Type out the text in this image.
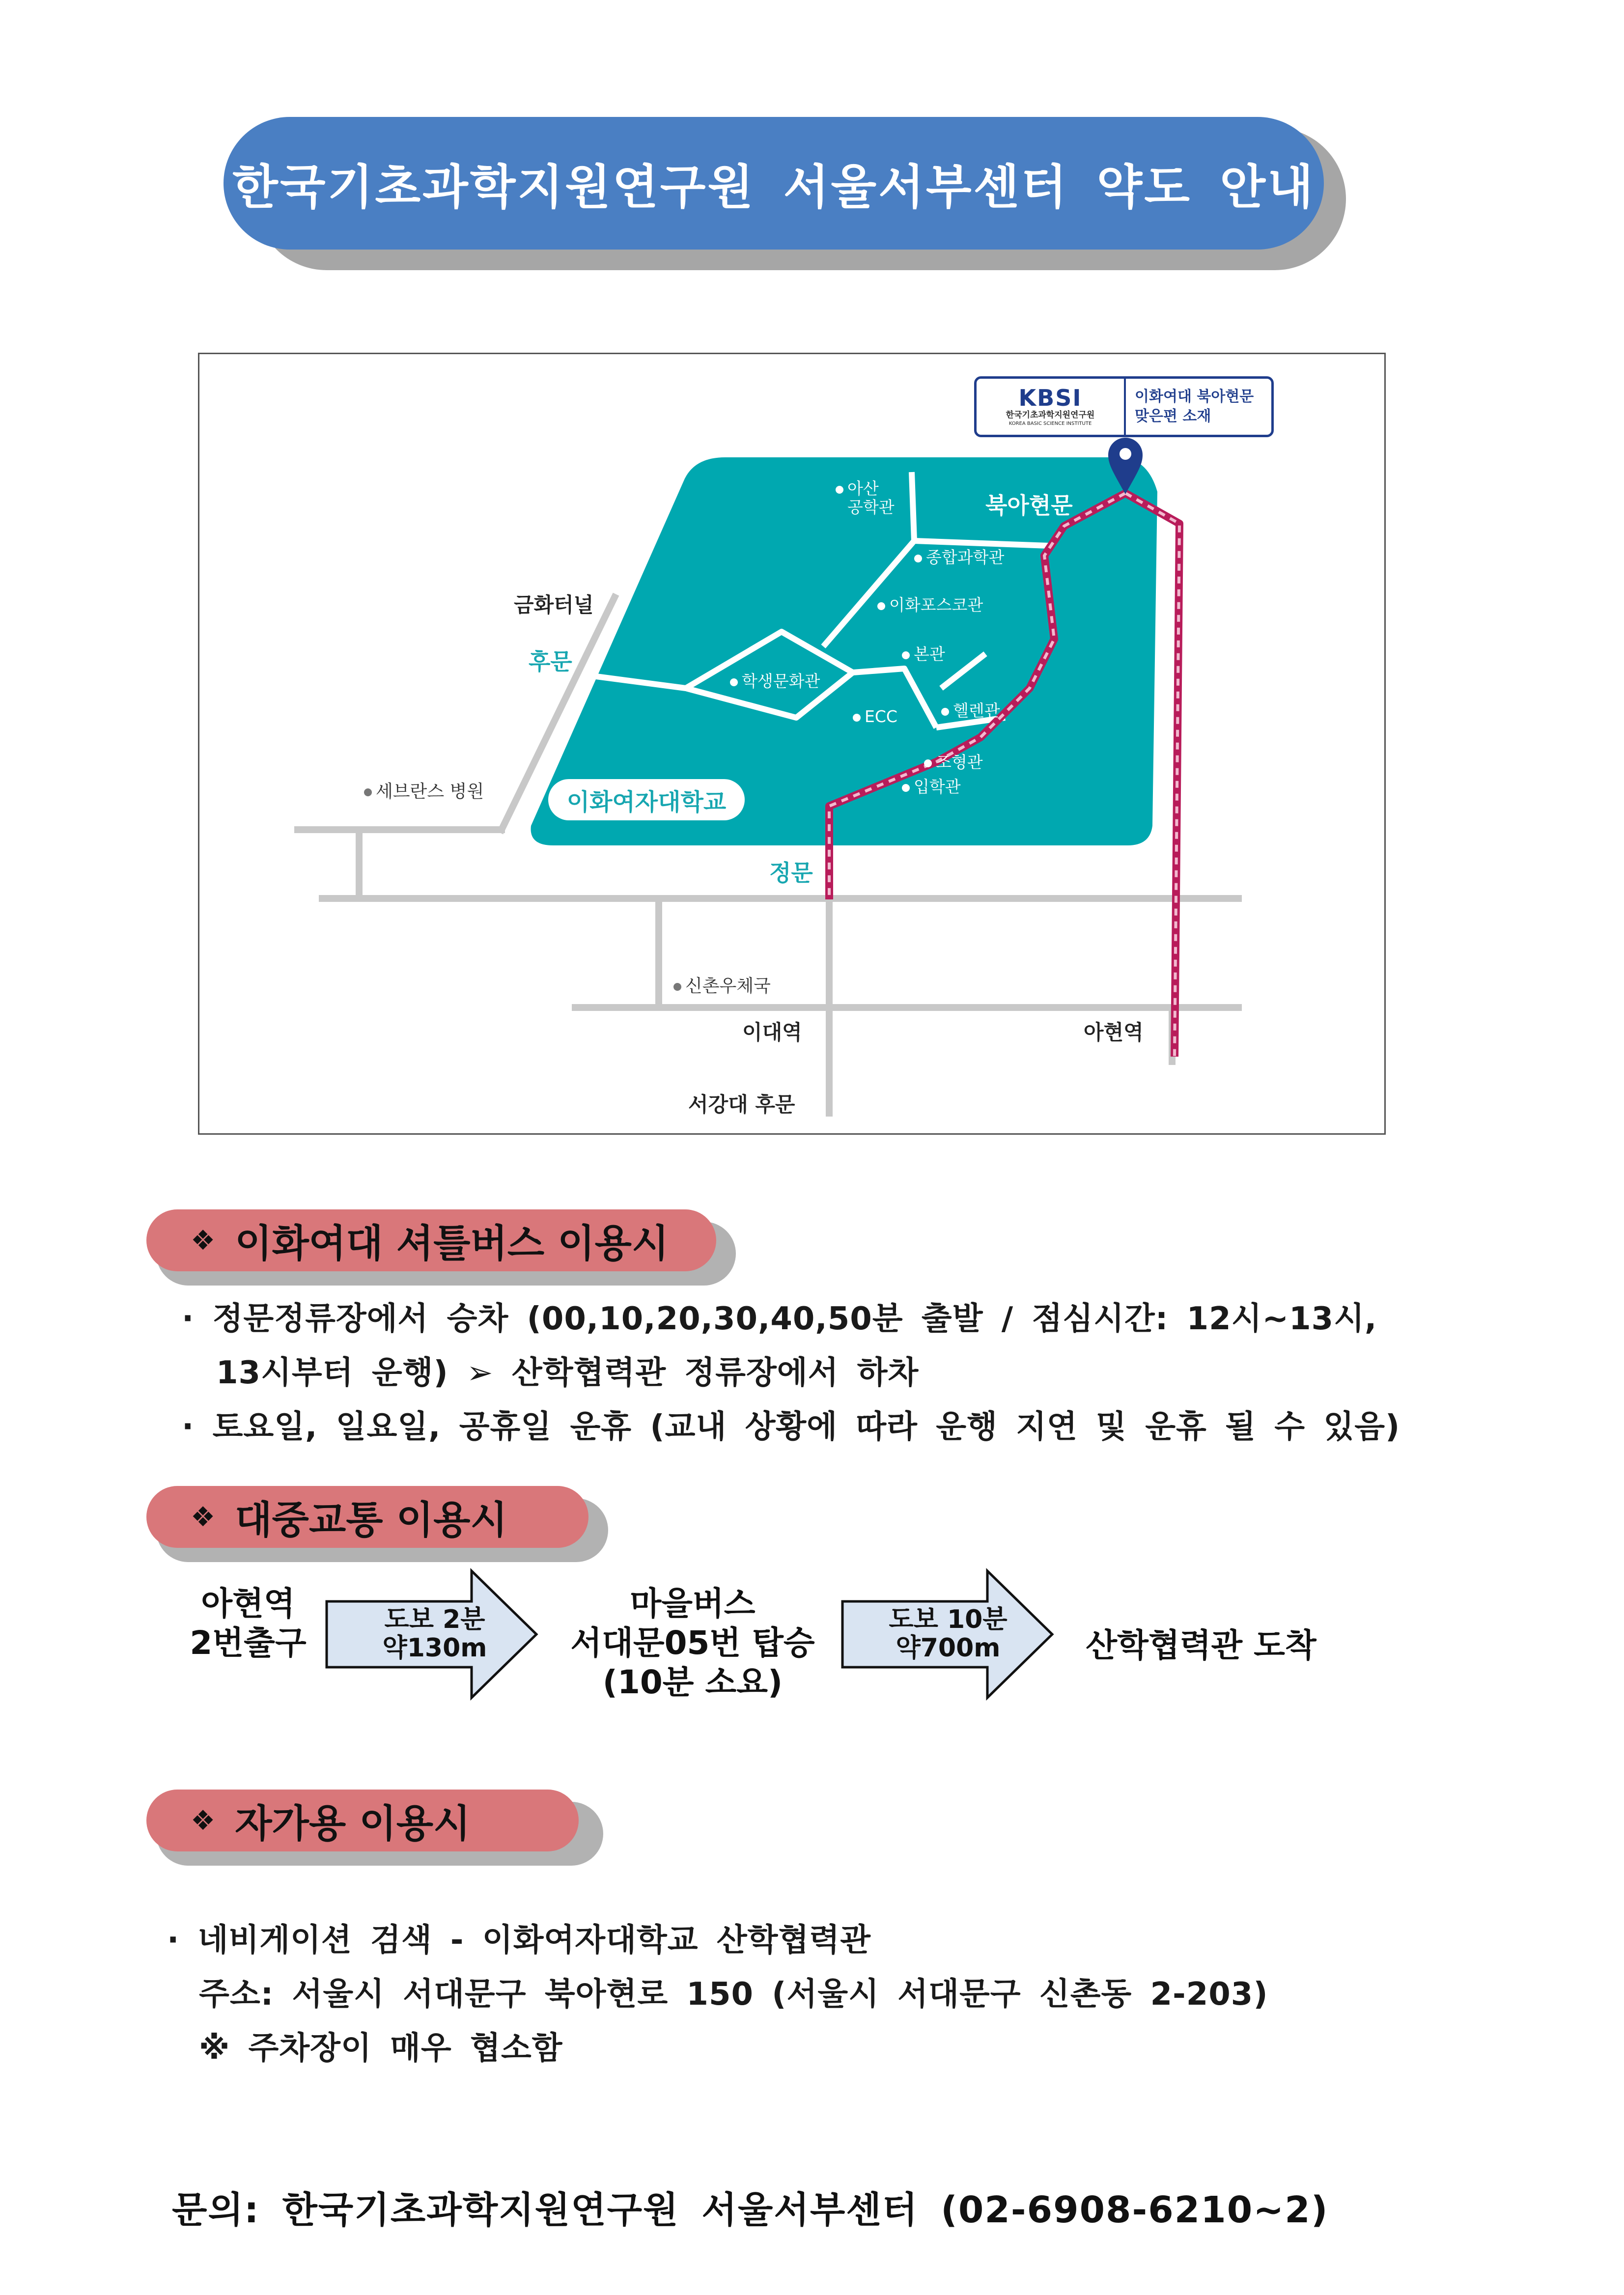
한국기초과학지원연구원 서울서부센터 약도 안내
KBSI
한국기초과학지원연구원
KOREA BASIC SCIENCE INSTITUTE
이화여대 북아현문
맞은편 소재
이화여자대학교
북아현문
후문
정문
아산
공학관
종합과학관
이화포스코관
본관
학생문화관
ECC	헬렌관
조형관
입학관
금화터널
세브란스 병원
신촌우체국
이대역	아현역
서강대 후문
❖ 이화여대 셔틀버스 이용시
· 정문정류장에서 승차 (00,10,20,30,40,50분 출발 / 점심시간: 12시~13시,
13시부터 운행) ➢ 산학협력관 정류장에서 하차
· 토요일, 일요일, 공휴일 운휴 (교내 상황에 따라 운행 지연 및 운휴 될 수 있음)
❖ 대중교통 이용시
아현역
2번출구
도보 2분
약130m
마을버스
서대문05번 탑승
(10분 소요)
도보 10분
약700m	산학협력관 도착
❖ 자가용 이용시
· 네비게이션 검색 - 이화여자대학교 산학협력관
주소: 서울시 서대문구 북아현로 150 (서울시 서대문구 신촌동 2-203)
※ 주차장이 매우 협소함
문의: 한국기초과학지원연구원 서울서부센터 (02-6908-6210~2)
